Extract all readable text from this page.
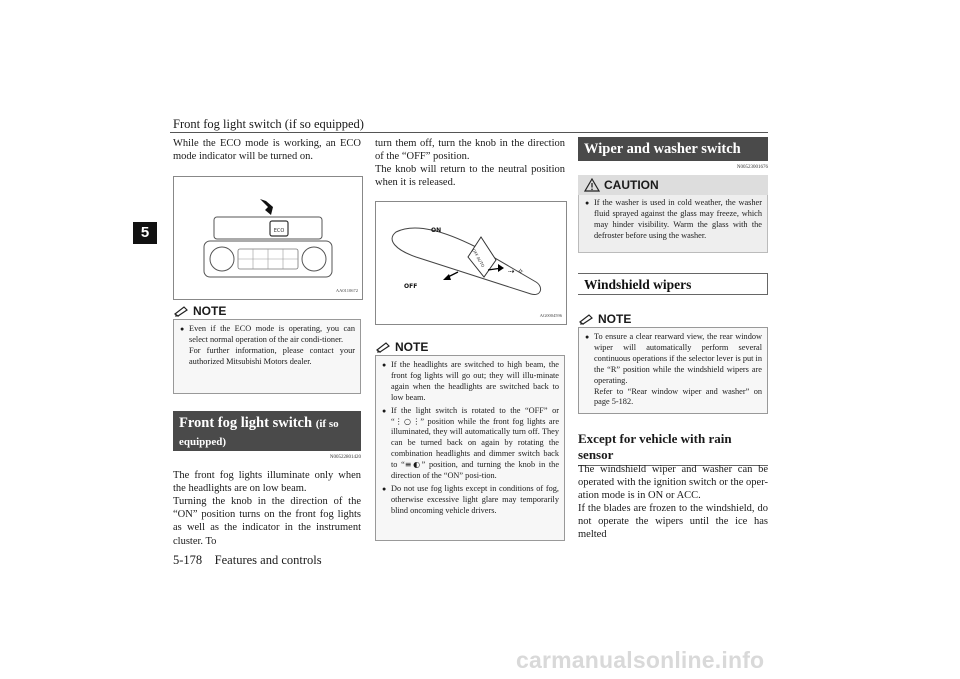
Front fog light switch (if so equipped)
5

While the ECO mode is working, an ECO mode indicator will be turned on.

ECO
AA0110672
NOTE
● Even if the ECO mode is operating, you can select normal operation of the air condi-tioner.

For further information, please contact your authorized Mitsubishi Motors dealer.

Front fog light switch (if so
equipped)
N00522801420

The front fog lights illuminate only when the headlights are on low beam.

Turning the knob in the direction of the “ON” position turns on the front fog lights as well as the indicator in the instrument cluster. To

turn them off, turn the knob in the direction of the “OFF” position.

The knob will return to the neutral position when it is released.

OFF AUTO
ON
OFF
⇢ ✧
AG0004596
NOTE
● If the headlights are switched to high beam, the front fog lights will go out; they will illu-minate again when the headlights are switched back to low beam.

● If the light switch is rotated to the “OFF” or “⋮○⋮” position while the front fog lights are illuminated, they will automatically turn off. They can be turned back on again by rotating the combination headlights and dimmer switch back to “≡◐” position, and turning the knob in the direction of the “ON” posi-tion.

● Do not use fog lights except in conditions of fog, otherwise excessive light glare may temporarily blind oncoming vehicle drivers.

Wiper and washer switch
N00523001676
CAUTION
● If the washer is used in cold weather, the washer fluid sprayed against the glass may freeze, which may hinder visibility. Warm the glass with the defroster before using the washer.

Windshield wipers
NOTE
● To ensure a clear rearward view, the rear window wiper will automatically perform several continuous operations if the selector lever is put in the “R” position while the windshield wipers are operating.

Refer to “Rear window wiper and washer” on page 5-182.

Except for vehicle with rain sensor

The windshield wiper and washer can be operated with the ignition switch or the oper-ation mode is in ON or ACC.

If the blades are frozen to the windshield, do not operate the wipers until the ice has melted

5-178 Features and controls
carmanualsonline.info
